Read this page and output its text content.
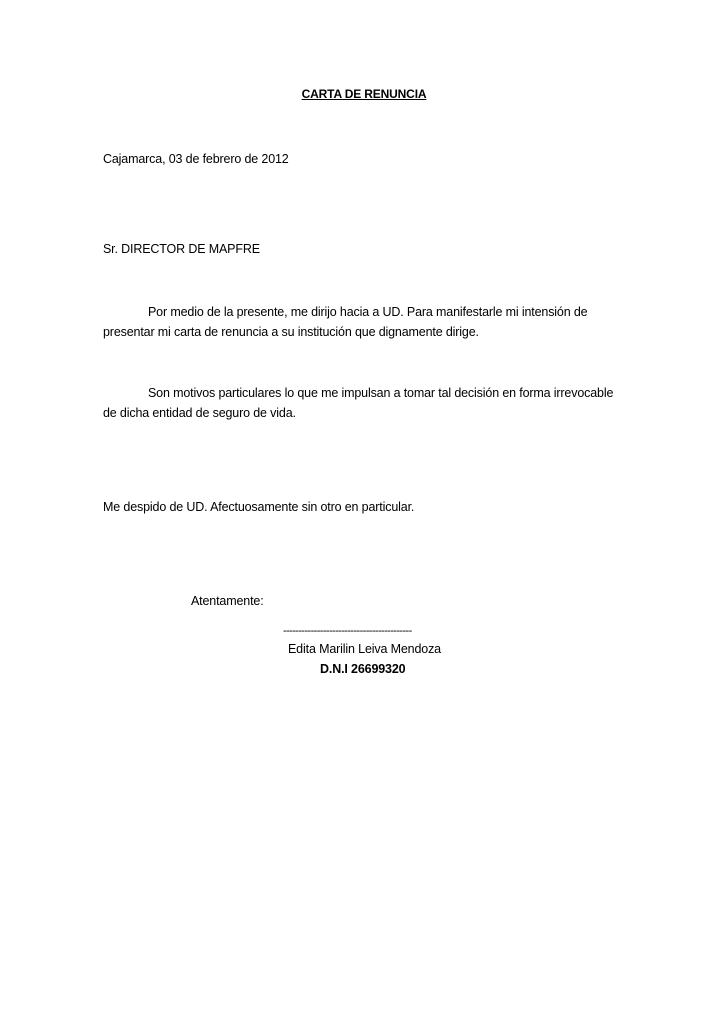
CARTA DE RENUNCIA
Cajamarca, 03 de febrero de 2012
Sr. DIRECTOR DE MAPFRE
Por medio de la presente, me dirijo hacia a UD. Para manifestarle mi intensión de
presentar mi carta de renuncia a su institución que dignamente dirige.
Son motivos particulares lo que me impulsan a tomar tal decisión en forma irrevocable
de dicha entidad de seguro de vida.
Me despido de UD. Afectuosamente sin otro en particular.
Atentamente:
------------------------------------------
Edita Marilin Leiva Mendoza
D.N.I 26699320
